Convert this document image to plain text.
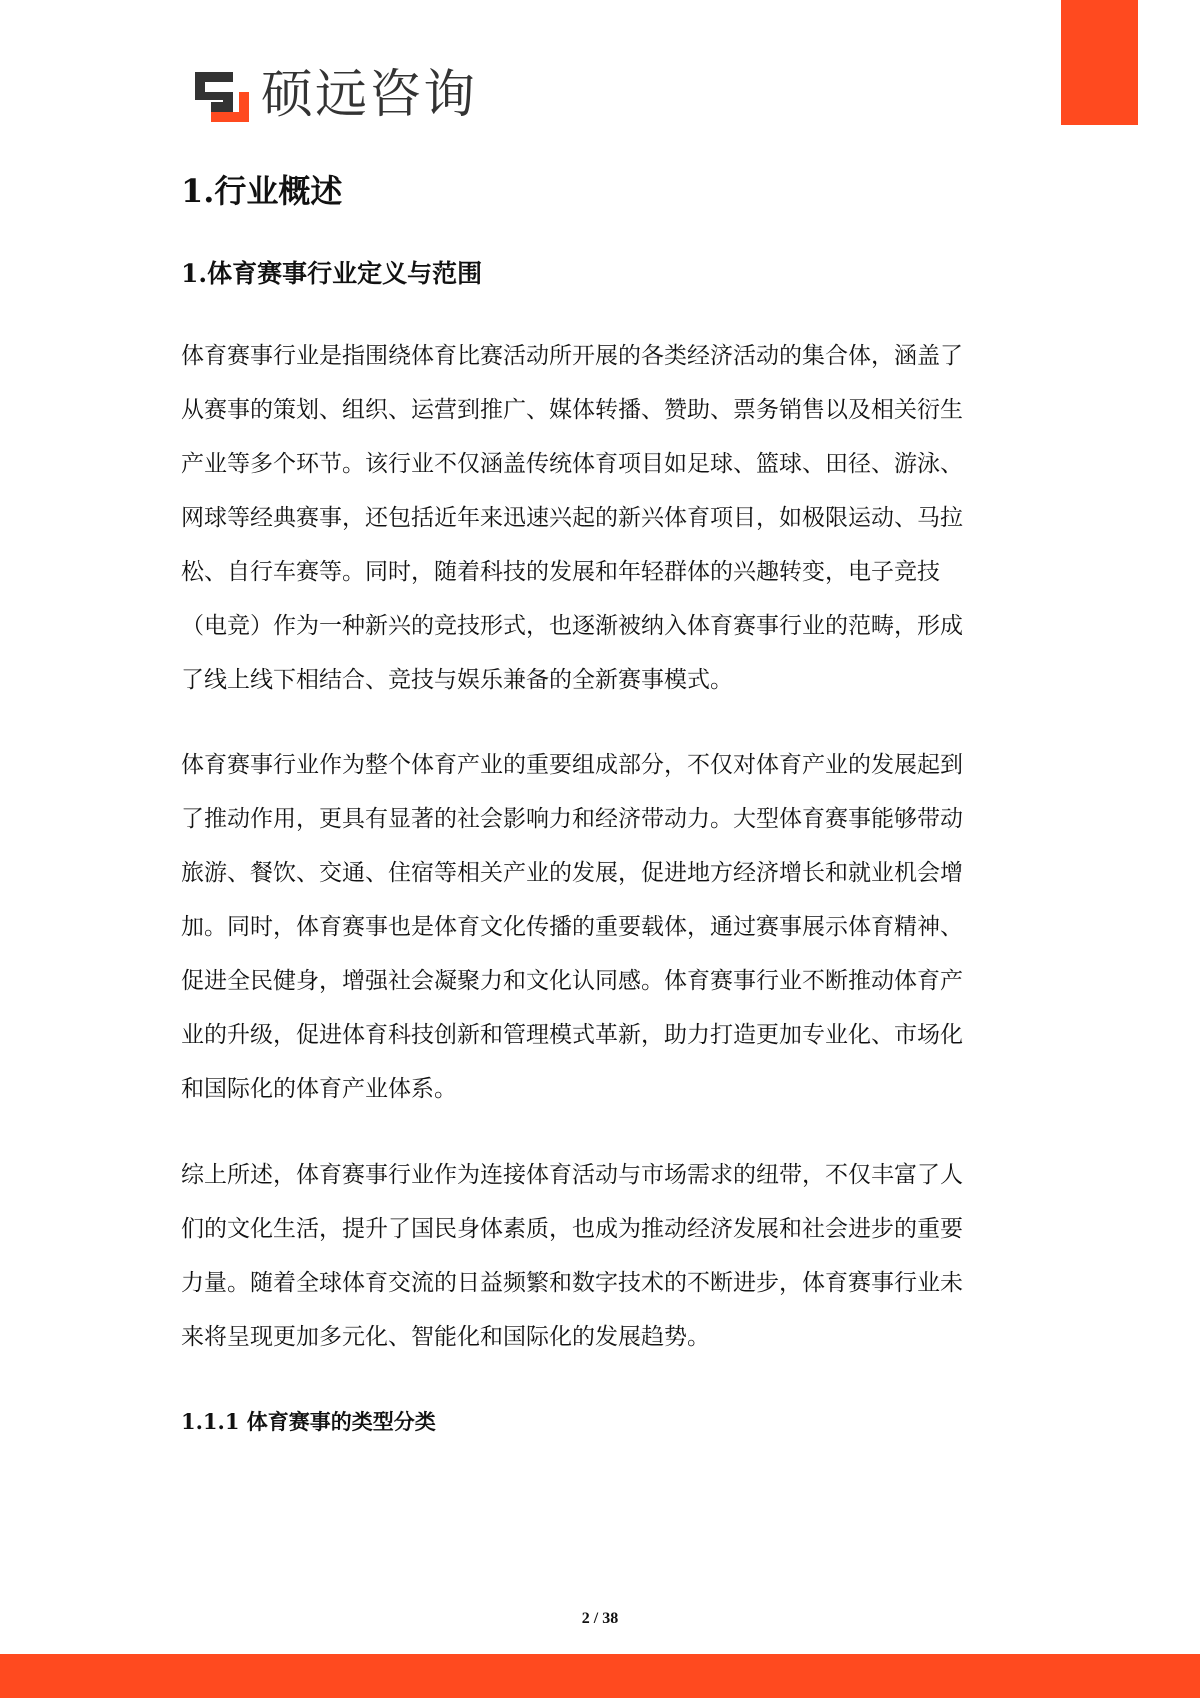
硕远咨询
1.行业概述
1.体育赛事行业定义与范围
体育赛事行业是指围绕体育比赛活动所开展的各类经济活动的集合体，涵盖了
从赛事的策划、组织、运营到推广、媒体转播、赞助、票务销售以及相关衍生
产业等多个环节。该行业不仅涵盖传统体育项目如足球、篮球、田径、游泳、
网球等经典赛事，还包括近年来迅速兴起的新兴体育项目，如极限运动、马拉
松、自行车赛等。同时，随着科技的发展和年轻群体的兴趣转变，电子竞技
（电竞）作为一种新兴的竞技形式，也逐渐被纳入体育赛事行业的范畴，形成
了线上线下相结合、竞技与娱乐兼备的全新赛事模式。
体育赛事行业作为整个体育产业的重要组成部分，不仅对体育产业的发展起到
了推动作用，更具有显著的社会影响力和经济带动力。大型体育赛事能够带动
旅游、餐饮、交通、住宿等相关产业的发展，促进地方经济增长和就业机会增
加。同时，体育赛事也是体育文化传播的重要载体，通过赛事展示体育精神、
促进全民健身，增强社会凝聚力和文化认同感。体育赛事行业不断推动体育产
业的升级，促进体育科技创新和管理模式革新，助力打造更加专业化、市场化
和国际化的体育产业体系。
综上所述，体育赛事行业作为连接体育活动与市场需求的纽带，不仅丰富了人
们的文化生活，提升了国民身体素质，也成为推动经济发展和社会进步的重要
力量。随着全球体育交流的日益频繁和数字技术的不断进步，体育赛事行业未
来将呈现更加多元化、智能化和国际化的发展趋势。
1.1.1 体育赛事的类型分类
2 / 38
